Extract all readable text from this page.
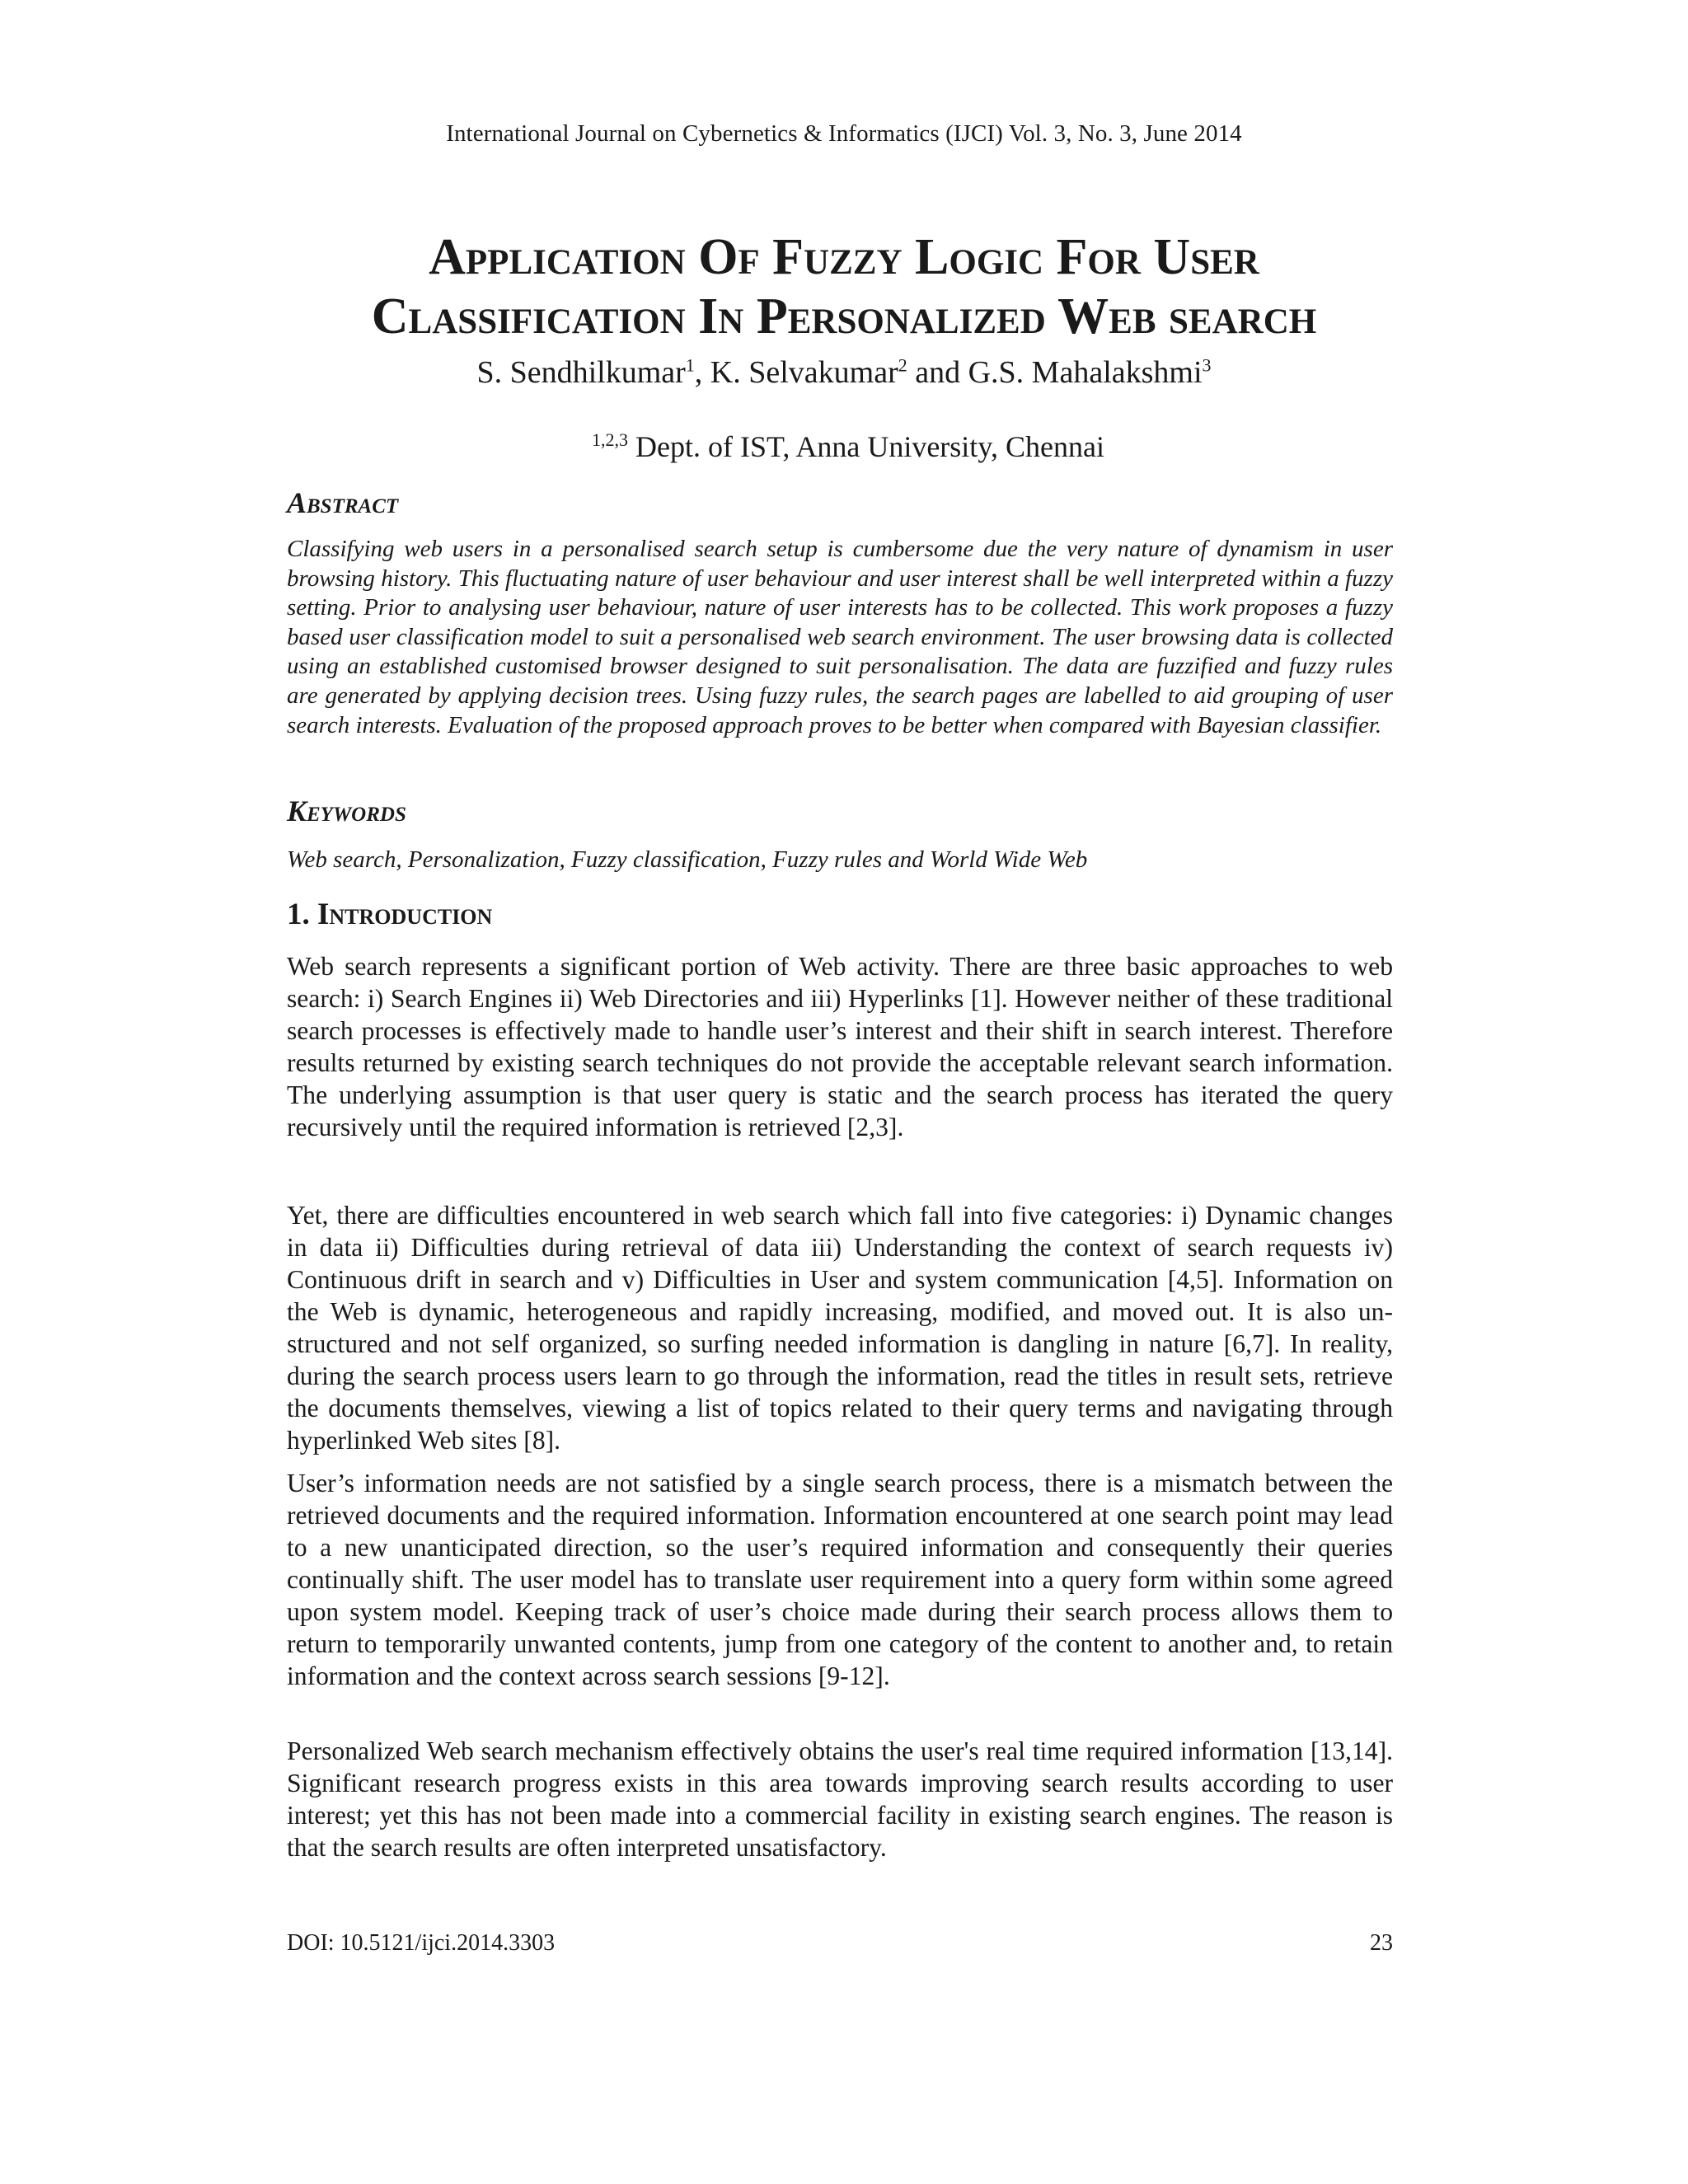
International Journal on Cybernetics & Informatics (IJCI) Vol. 3, No. 3, June 2014
Application Of Fuzzy Logic For User
Classification In Personalized Web search
S. Sendhilkumar$^1$, K. Selvakumar$^2$ and G.S. Mahalakshmi$^3$
$^{1,2,3}$ Dept. of IST, Anna University, Chennai
Abstract

Classifying web users in a personalised search setup is cumbersome due the very nature of dynamism in user browsing history. This fluctuating nature of user behaviour and user interest shall be well interpreted within a fuzzy setting. Prior to analysing user behaviour, nature of user interests has to be collected. This work proposes a fuzzy based user classification model to suit a personalised web search environment. The user browsing data is collected using an established customised browser designed to suit personalisation. The data are fuzzified and fuzzy rules are generated by applying decision trees. Using fuzzy rules, the search pages are labelled to aid grouping of user search interests. Evaluation of the proposed approach proves to be better when compared with Bayesian classifier.

Keywords

Web search, Personalization, Fuzzy classification, Fuzzy rules and World Wide Web

1. Introduction

Web search represents a significant portion of Web activity. There are three basic approaches to web search: i) Search Engines ii) Web Directories and iii) Hyperlinks [1]. However neither of these traditional search processes is effectively made to handle user’s interest and their shift in search interest. Therefore results returned by existing search techniques do not provide the acceptable relevant search information. The underlying assumption is that user query is static and the search process has iterated the query recursively until the required information is retrieved [2,3].

Yet, there are difficulties encountered in web search which fall into five categories: i) Dynamic changes in data ii) Difficulties during retrieval of data iii) Understanding the context of search requests iv) Continuous drift in search and v) Difficulties in User and system communication [4,5]. Information on the Web is dynamic, heterogeneous and rapidly increasing, modified, and moved out. It is also un-structured and not self organized, so surfing needed information is dangling in nature [6,7]. In reality, during the search process users learn to go through the information, read the titles in result sets, retrieve the documents themselves, viewing a list of topics related to their query terms and navigating through hyperlinked Web sites [8].

User’s information needs are not satisfied by a single search process, there is a mismatch between the retrieved documents and the required information. Information encountered at one search point may lead to a new unanticipated direction, so the user’s required information and consequently their queries continually shift. The user model has to translate user requirement into a query form within some agreed upon system model. Keeping track of user’s choice made during their search process allows them to return to temporarily unwanted contents, jump from one category of the content to another and, to retain information and the context across search sessions [9-12].

Personalized Web search mechanism effectively obtains the user's real time required information [13,14]. Significant research progress exists in this area towards improving search results according to user interest; yet this has not been made into a commercial facility in existing search engines. The reason is that the search results are often interpreted unsatisfactory.

DOI: 10.5121/ijci.2014.3303	23
